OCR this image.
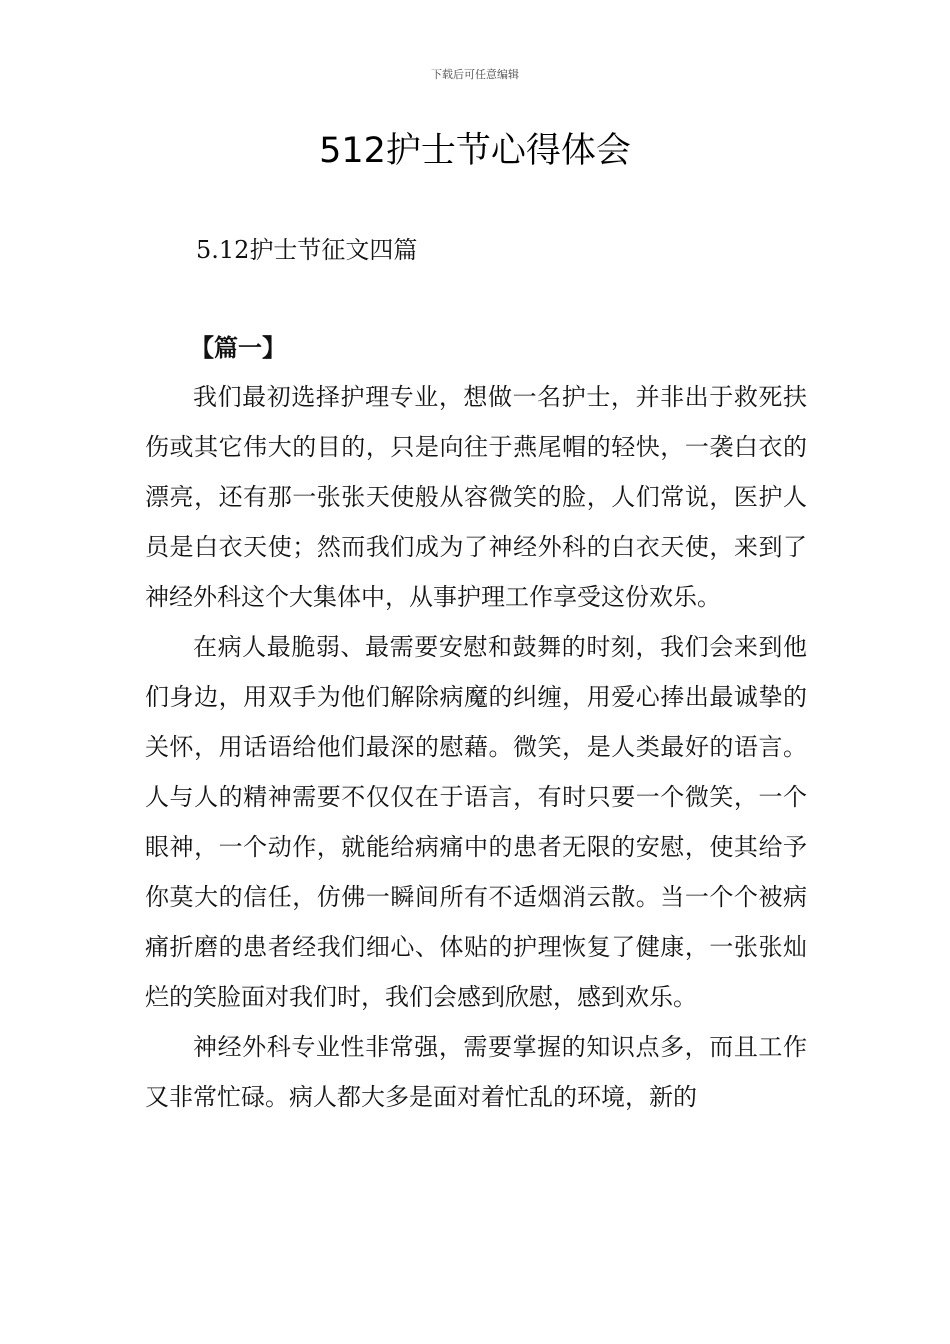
下载后可任意编辑
512护士节心得体会
5.12护士节征文四篇
【篇一】

我们最初选择护理专业，想做一名护士，并非出于救死扶伤或其它伟大的目的，只是向往于燕尾帽的轻快，一袭白衣的漂亮，还有那一张张天使般从容微笑的脸，人们常说，医护人员是白衣天使；然而我们成为了神经外科的白衣天使，来到了神经外科这个大集体中，从事护理工作享受这份欢乐。

在病人最脆弱、最需要安慰和鼓舞的时刻，我们会来到他们身边，用双手为他们解除病魔的纠缠，用爱心捧出最诚挚的关怀，用话语给他们最深的慰藉。微笑，是人类最好的语言。人与人的精神需要不仅仅在于语言，有时只要一个微笑，一个眼神，一个动作，就能给病痛中的患者无限的安慰，使其给予你莫大的信任，仿佛一瞬间所有不适烟消云散。当一个个被病痛折磨的患者经我们细心、体贴的护理恢复了健康，一张张灿烂的笑脸面对我们时，我们会感到欣慰，感到欢乐。

神经外科专业性非常强，需要掌握的知识点多，而且工作又非常忙碌。病人都大多是面对着忙乱的环境，新的
